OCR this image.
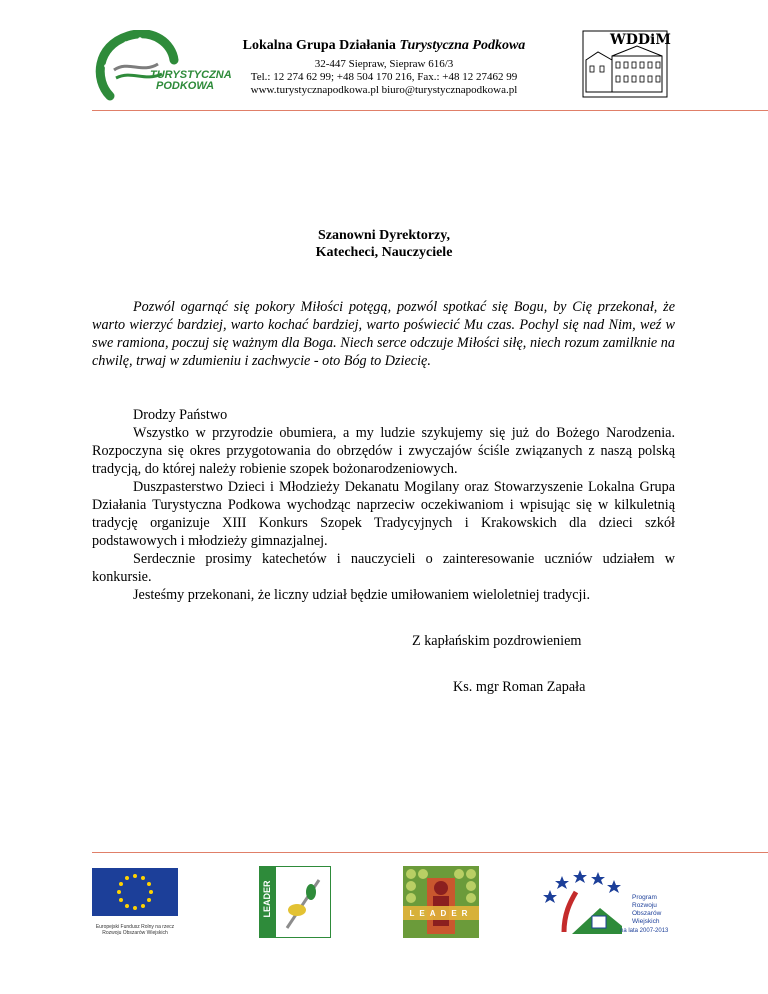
TURYSTYCZNA
PODKOWA
Lokalna Grupa Działania Turystyczna Podkowa
32-447 Siepraw, Siepraw 616/3
Tel.: 12 274 62 99; +48 504 170 216, Fax.: +48 12 27462 99
www.turystycznapodkowa.pl biuro@turystycznapodkowa.pl
WDDiM
Szanowni Dyrektorzy,
Katecheci, Nauczyciele
Pozwól ogarnąć się pokory Miłości potęgą, pozwól spotkać się Bogu, by Cię przekonał, że warto wierzyć bardziej, warto kochać bardziej, warto poświecić Mu czas. Pochyl się nad Nim, weź w swe ramiona, poczuj się ważnym dla Boga. Niech serce odczuje Miłości siłę, niech rozum zamilknie na chwilę, trwaj w zdumieniu i zachwycie - oto Bóg to Dziecię.
Drodzy Państwo
Wszystko w przyrodzie obumiera, a my ludzie szykujemy się już do Bożego Narodzenia. Rozpoczyna się okres przygotowania do obrzędów i zwyczajów ściśle związanych z naszą polską tradycją, do której należy robienie szopek bożonarodzeniowych.
Duszpasterstwo Dzieci i Młodzieży Dekanatu Mogilany oraz Stowarzyszenie Lokalna Grupa Działania Turystyczna Podkowa wychodząc naprzeciw oczekiwaniom i wpisując się w kilkuletnią tradycję organizuje XIII Konkurs Szopek Tradycyjnych i Krakowskich dla dzieci szkół podstawowych i młodzieży gimnazjalnej.
Serdecznie prosimy katechetów i nauczycieli o zainteresowanie uczniów udziałem w konkursie.
Jesteśmy przekonani, że liczny udział będzie umiłowaniem wieloletniej tradycji.
Z kapłańskim pozdrowieniem
Ks. mgr Roman Zapała
Europejski Fundusz Rolny na rzecz Rozwoju Obszarów Wiejskich
LEADER	LEADER
Program
Rozwoju
Obszarów
Wiejskich
na lata 2007-2013
